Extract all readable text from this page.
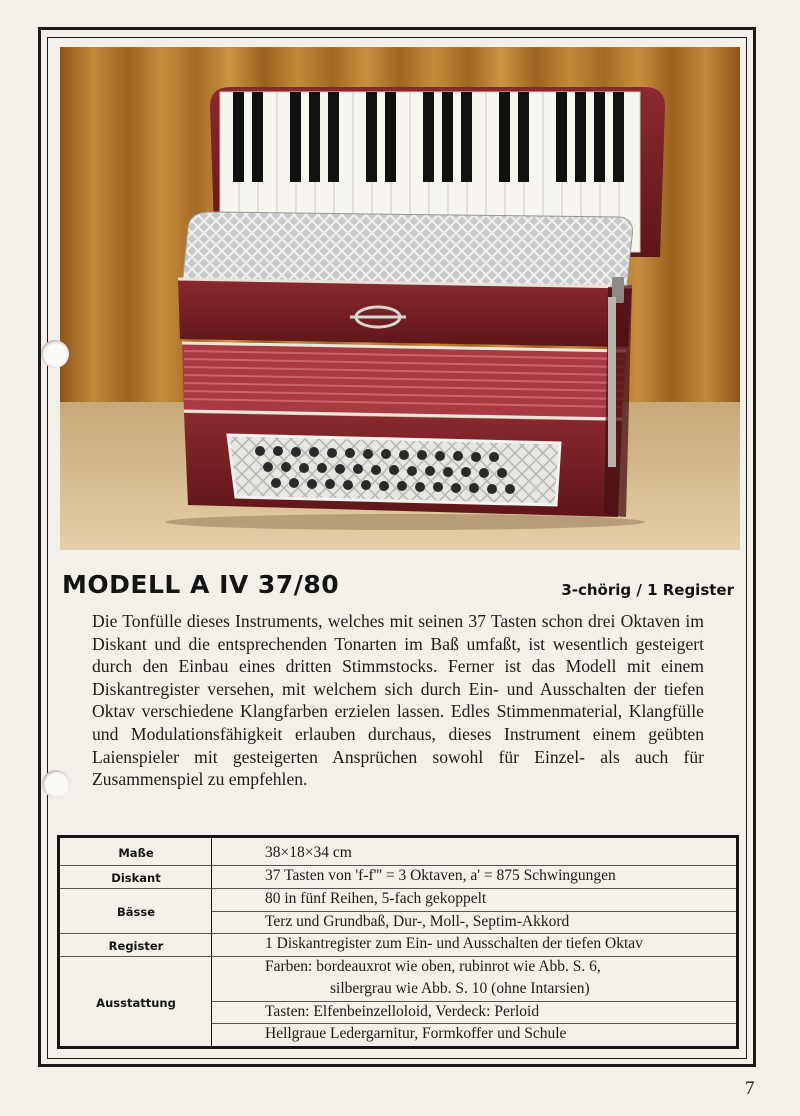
MODELL A IV 37/80	3-chörig / 1 Register

Die Tonfülle dieses Instruments, welches mit seinen 37 Tasten schon drei Oktaven im Diskant und die entsprechenden Tonarten im Baß umfaßt, ist wesentlich gesteigert durch den Einbau eines dritten Stimmstocks. Ferner ist das Modell mit einem Diskantregister versehen, mit welchem sich durch Ein- und Ausschalten der tiefen Oktav verschiedene Klangfarben erzielen lassen. Edles Stimmenmaterial, Klangfülle und Modulationsfähigkeit erlauben durchaus, dieses Instrument einem geübten Laienspieler mit gesteigerten Ansprüchen sowohl für Einzel- als auch für Zusammenspiel zu empfehlen.

Maße
Diskant
Bässe
Register
Ausstattung
38×18×34 cm
37 Tasten von 'f-f''' = 3 Oktaven, a' = 875 Schwingungen
80 in fünf Reihen, 5-fach gekoppelt
Terz und Grundbaß, Dur-, Moll-, Septim-Akkord
1 Diskantregister zum Ein- und Ausschalten der tiefen Oktav
Farben: bordeauxrot wie oben, rubinrot wie Abb. S. 6,
silbergrau wie Abb. S. 10 (ohne Intarsien)
Tasten: Elfenbeinzelloloid, Verdeck: Perloid
Hellgraue Ledergarnitur, Formkoffer und Schule
7
